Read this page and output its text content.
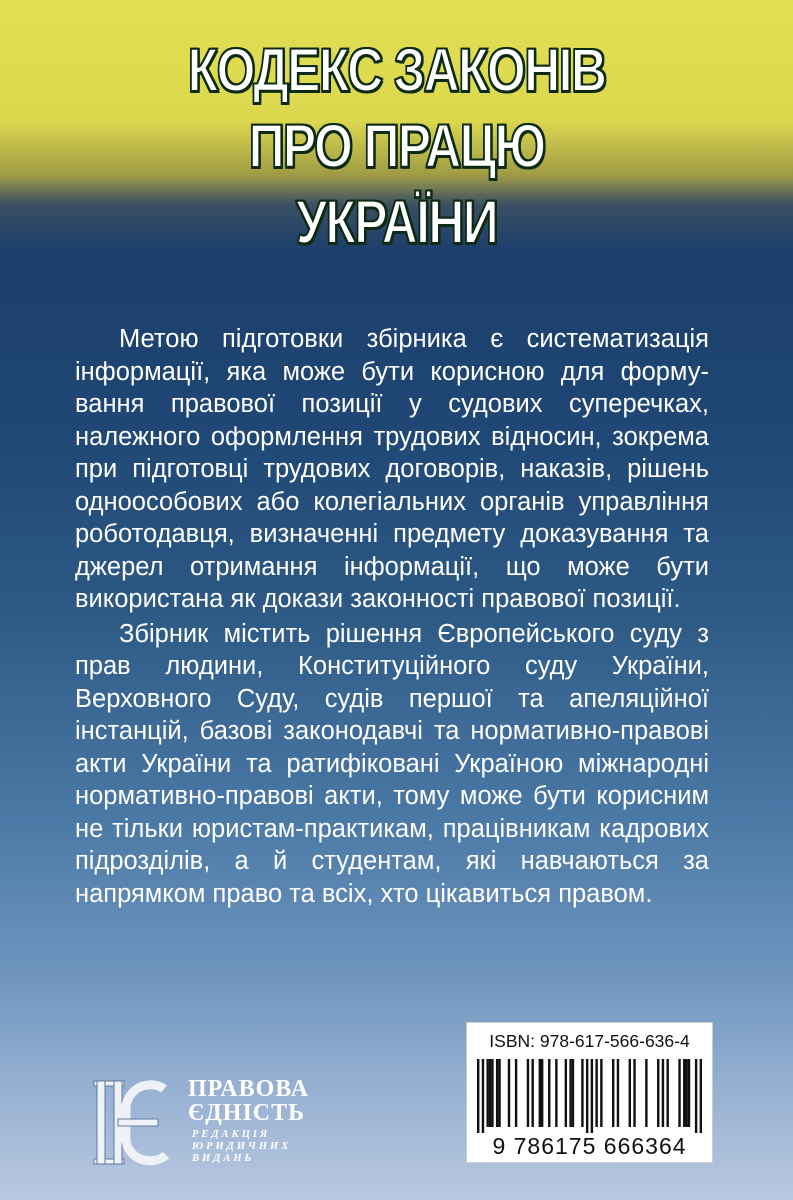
КОДЕКС ЗАКОНІВ
ПРО ПРАЦЮ
УКРАЇНИ

Метою підготовки збірника є систематизація інформації, яка може бути корисною для формування правової позиції у судових суперечках, належного оформлення трудових відносин, зокрема при підготовці трудових договорів, наказів, рішень одноособових або колегіальних органів управління роботодавця, визначенні предмету доказування та джерел отримання інформації, що може бути використана як докази законності правової позиції.

Збірник містить рішення Європейського суду з прав людини, Конституційного суду України, Верховного Суду, судів першої та апеляційної інстанцій, базові законодавчі та нормативно-правові акти України та ратифіковані Україною міжнародні нормативно-правові акти, тому може бути корисним не тільки юристам-практикам, працівникам кадрових підрозділів, а й студентам, які навчаються за напрямком право та всіх, хто цікавиться правом.

ПРАВОВА
ЄДНІСТЬ
РЕДАКЦІЯ
ЮРИДИЧНИХ
ВИДАНЬ
ISBN: 978-617-566-636-4
9 786175 666364
